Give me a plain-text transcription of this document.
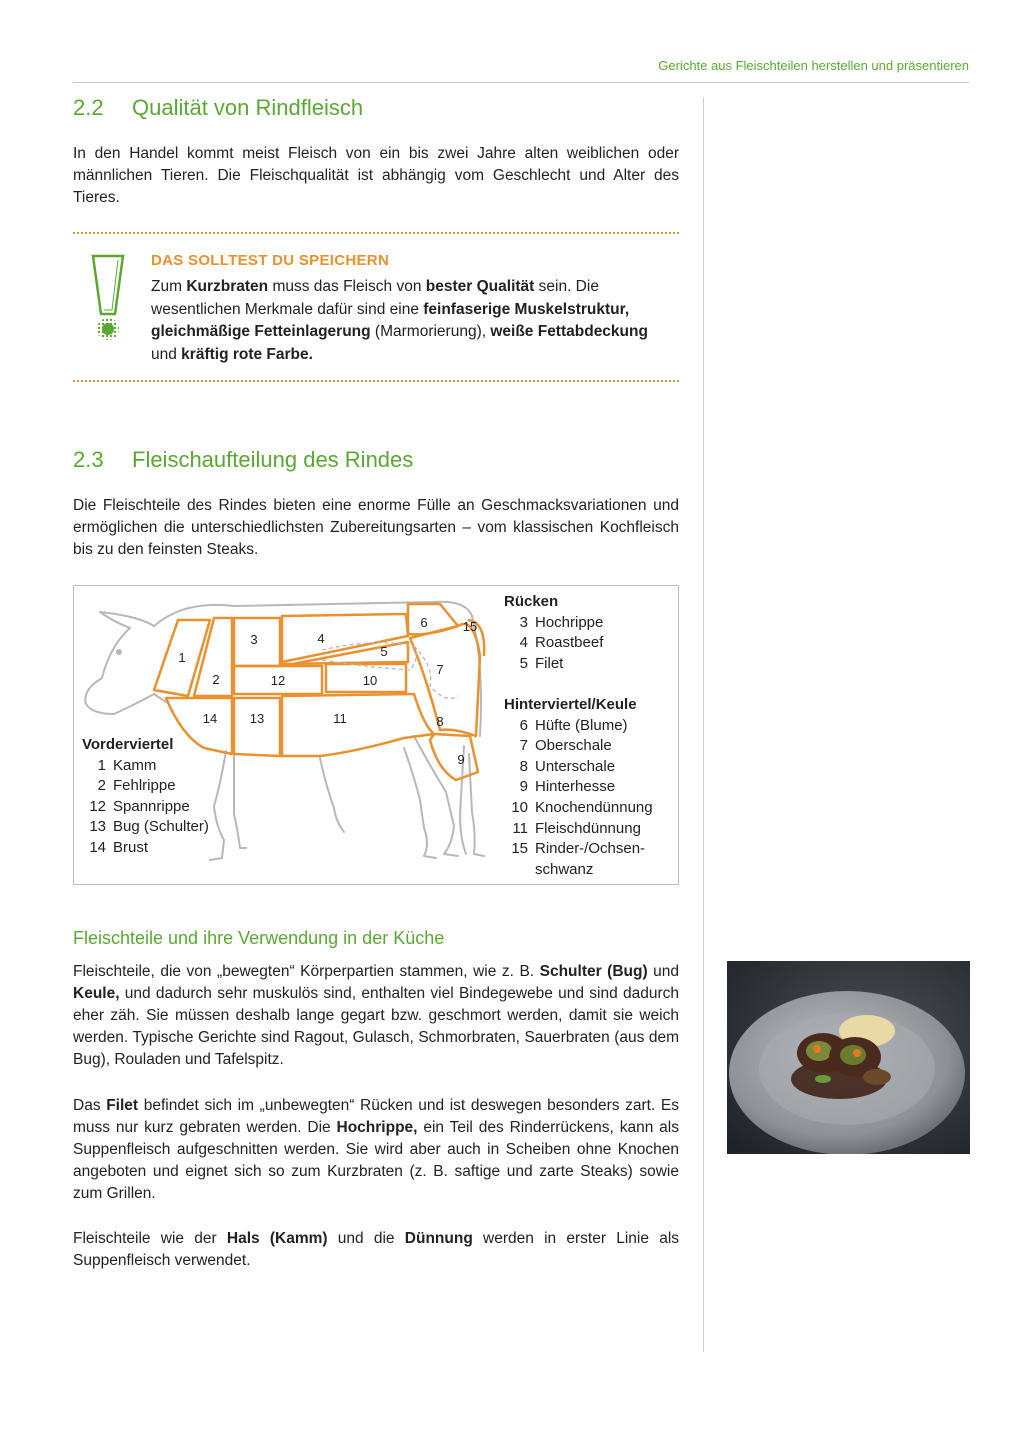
Gerichte aus Fleischteilen herstellen und präsentieren
2.2 Qualität von Rindfleisch

In den Handel kommt meist Fleisch von ein bis zwei Jahre alten weiblichen oder männlichen Tieren. Die Fleischqualität ist abhängig vom Geschlecht und Alter des Tieres.

DAS SOLLTEST DU SPEICHERN
Zum Kurzbraten muss das Fleisch von bester Qualität sein. Die wesentlichen Merkmale dafür sind eine feinfaserige Muskelstruktur, gleichmäßige Fetteinlagerung (Marmorierung), weiße Fettabdeckung und kräftig rote Farbe.
2.3 Fleischaufteilung des Rindes

Die Fleischteile des Rindes bieten eine enorme Fülle an Geschmacksvariationen und ermöglichen die unterschiedlichsten Zubereitungsarten – vom klassischen Kochfleisch bis zu den feinsten Steaks.

1
2
3	4
5
6
7
8
9
10
11
12
13
14
15
Vorderviertel
1 Kamm
2 Fehlrippe
12 Spannrippe
13 Bug (Schulter)
14 Brust
Rücken
3 Hochrippe
4 Roastbeef
5 Filet
Hinterviertel/Keule
6 Hüfte (Blume)
7 Oberschale
8 Unterschale
9 Hinterhesse
10 Knochendünnung
11 Fleischdünnung
15 Rinder-/Ochsen-
schwanz
Fleischteile und ihre Verwendung in der Küche

Fleischteile, die von „bewegten“ Körperpartien stammen, wie z. B. Schulter (Bug) und Keule, und dadurch sehr muskulös sind, enthalten viel Bindegewebe und sind dadurch eher zäh. Sie müssen deshalb lange gegart bzw. geschmort werden, damit sie weich werden. Typische Gerichte sind Ragout, Gulasch, Schmorbraten, Sauerbraten (aus dem Bug), Rouladen und Tafelspitz.

Das Filet befindet sich im „unbewegten“ Rücken und ist deswegen besonders zart. Es muss nur kurz gebraten werden. Die Hochrippe, ein Teil des Rinderrückens, kann als Suppenfleisch aufgeschnitten werden. Sie wird aber auch in Scheiben ohne Knochen angeboten und eignet sich so zum Kurzbraten (z. B. saftige und zarte Steaks) sowie zum Grillen.

Fleischteile wie der Hals (Kamm) und die Dünnung werden in erster Linie als Suppenfleisch verwendet.
